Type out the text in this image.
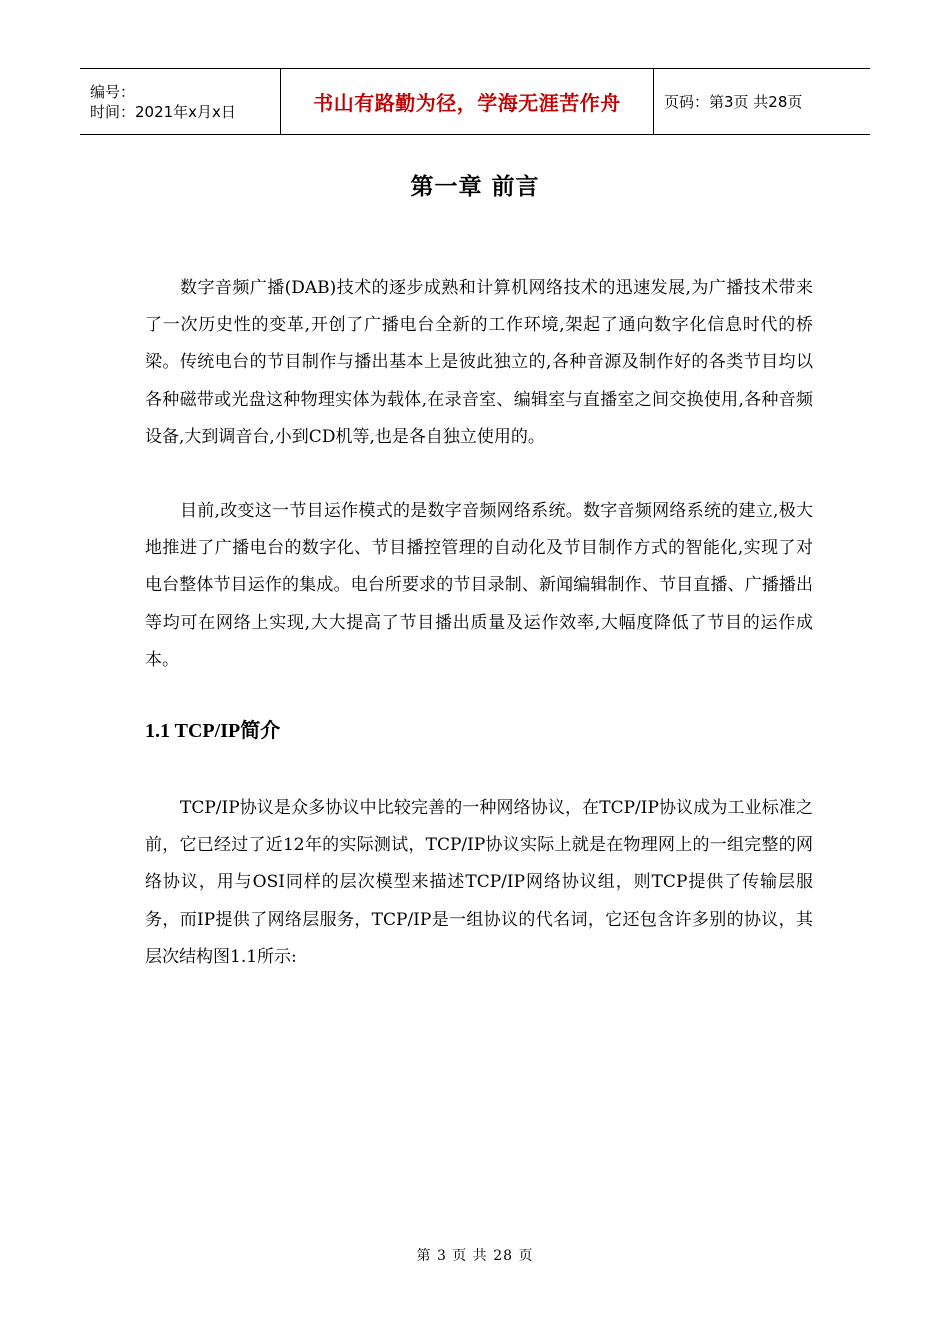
编号：
时间：2021年x月x日	书山有路勤为径，学海无涯苦作舟	页码：第3页 共28页
第一章 前言

数字音频广播(DAB)技术的逐步成熟和计算机网络技术的迅速发展,为广播技术带来了一次历史性的变革,开创了广播电台全新的工作环境,架起了通向数字化信息时代的桥梁。传统电台的节目制作与播出基本上是彼此独立的,各种音源及制作好的各类节目均以各种磁带或光盘这种物理实体为载体,在录音室、编辑室与直播室之间交换使用,各种音频设备,大到调音台,小到CD机等,也是各自独立使用的。

目前,改变这一节目运作模式的是数字音频网络系统。数字音频网络系统的建立,极大地推进了广播电台的数字化、节目播控管理的自动化及节目制作方式的智能化,实现了对电台整体节目运作的集成。电台所要求的节目录制、新闻编辑制作、节目直播、广播播出等均可在网络上实现,大大提高了节目播出质量及运作效率,大幅度降低了节目的运作成本。

1.1 TCP/IP简介

TCP/IP协议是众多协议中比较完善的一种网络协议，在TCP/IP协议成为工业标准之前，它已经过了近12年的实际测试，TCP/IP协议实际上就是在物理网上的一组完整的网络协议，用与OSI同样的层次模型来描述TCP/IP网络协议组，则TCP提供了传输层服务，而IP提供了网络层服务，TCP/IP是一组协议的代名词，它还包含许多别的协议，其层次结构图1.1所示:

第 3 页 共 28 页
